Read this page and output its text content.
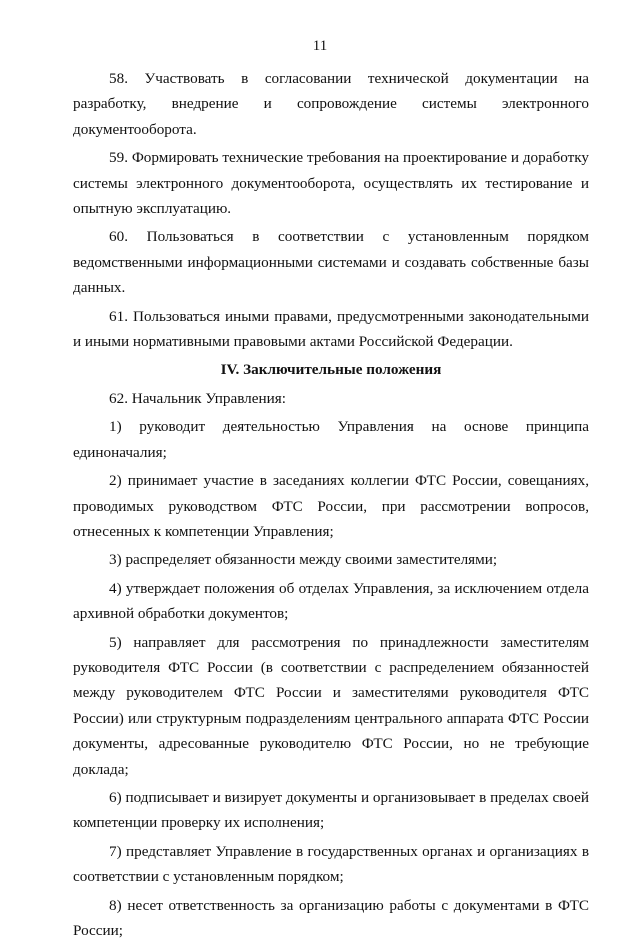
11

58. Участвовать в согласовании технической документации на разработку, внедрение и сопровождение системы электронного документооборота.

59. Формировать технические требования на проектирование и доработку системы электронного документооборота, осуществлять их тестирование и опытную эксплуатацию.

60. Пользоваться в соответствии с установленным порядком ведомственными информационными системами и создавать собственные базы данных.

61. Пользоваться иными правами, предусмотренными законодательными и иными нормативными правовыми актами Российской Федерации.

IV. Заключительные положения

62. Начальник Управления:

1) руководит деятельностью Управления на основе принципа единоначалия;

2) принимает участие в заседаниях коллегии ФТС России, совещаниях, проводимых руководством ФТС России, при рассмотрении вопросов, отнесенных к компетенции Управления;

3) распределяет обязанности между своими заместителями;

4) утверждает положения об отделах Управления, за исключением отдела архивной обработки документов;

5) направляет для рассмотрения по принадлежности заместителям руководителя ФТС России (в соответствии с распределением обязанностей между руководителем ФТС России и заместителями руководителя ФТС России) или структурным подразделениям центрального аппарата ФТС России документы, адресованные руководителю ФТС России, но не требующие доклада;

6) подписывает и визирует документы и организовывает в пределах своей компетенции проверку их исполнения;

7) представляет Управление в государственных органах и организациях в соответствии с установленным порядком;

8) несет ответственность за организацию работы с документами в ФТС России;
